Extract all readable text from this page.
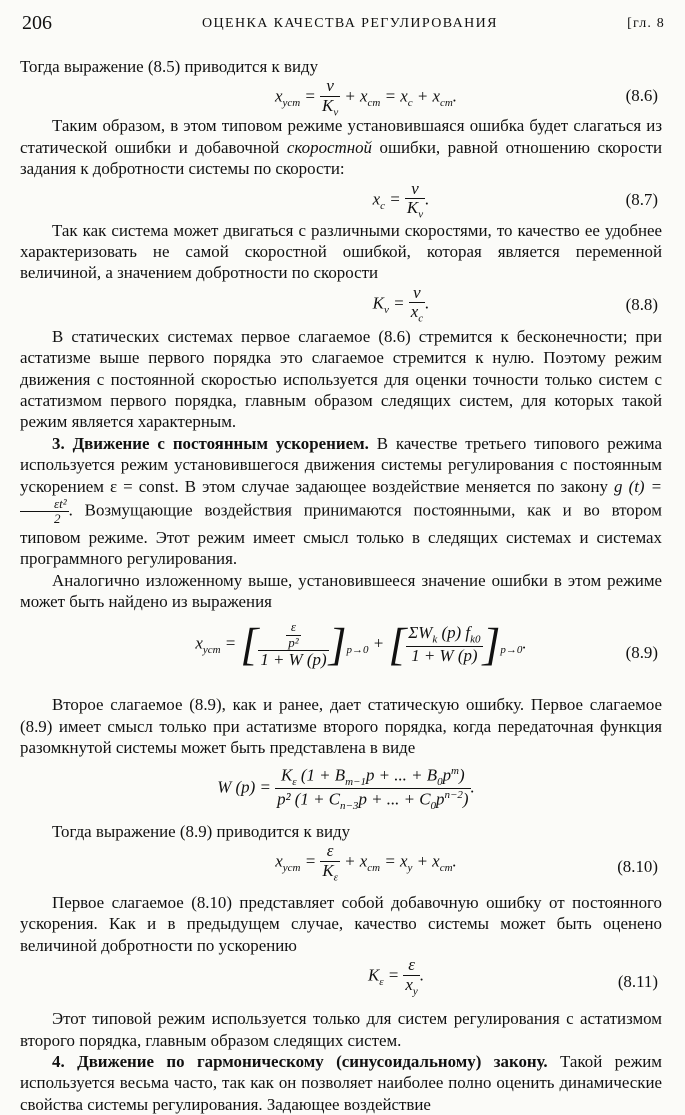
206	ОЦЕНКА КАЧЕСТВА РЕГУЛИРОВАНИЯ	[гл. 8

Тогда выражение (8.5) приводится к виду

$x_{уст} = \frac{v}{K_v} + x_{ст} = x_с + x_{ст}$.	(8.6)

Таким образом, в этом типовом режиме установившаяся ошибка будет слагаться из статической ошибки и добавочной скоростной ошибки, равной отношению скорости задания к добротности системы по скорости:

$x_с = \frac{v}{K_v}$ .	(8.7)

Так как система может двигаться с различными скоростями, то качество ее удобнее характеризовать не самой скоростной ошибкой, которая является переменной величиной, а значением добротности по скорости

$K_v = \frac{v}{x_с}$ .	(8.8)

В статических системах первое слагаемое (8.6) стремится к бесконечности; при астатизме выше первого порядка это слагаемое стремится к нулю. Поэтому режим движения с постоянной скоростью используется для оценки точности только систем с астатизмом первого порядка, главным образом следящих систем, для которых такой режим является характерным.

3. Движение с постоянным ускорением. В качестве третьего типового режима используется режим установившегося движения системы регулирования с постоянным ускорением ε = const. В этом случае задающее воздействие меняется по закону g (t) =
$\frac{\text{εt²}}{2}$ . Возмущающие воздействия принимаются постоянными, как и во втором типовом режиме. Этот режим имеет смысл только в следящих системах и системах программного регулирования.

Аналогично изложенному выше, установившееся значение ошибки в этом режиме может быть найдено из выражения

$x_{уст}$ = [ $\frac{\frac{\varepsilon}{\text{p²}}}{1 + W (p)} ]_{p\to 0}$ + [ $\frac{\Sigma W_k (p) f_{k0}}{1 + W (p)} ]_{p\to 0}$.
(8.9)

Второе слагаемое (8.9), как и ранее, дает статическую ошибку. Первое слагаемое (8.9) имеет смысл только при астатизме второго порядка, когда передаточная функция разомкнутой системы может быть представлена в виде

W $(p) = \frac{K_\varepsilon (1 + B_{m-1}p + ... + B_0p^m)}{p^2 (1 + C_{n-3}p + ... + C_0p^{n-2})}$ .

Тогда выражение (8.9) приводится к виду

$x_{уст} = \frac{\varepsilon}{K_\varepsilon} + x_{ст} = x_у + x_{ст}$.	(8.10)

Первое слагаемое (8.10) представляет собой добавочную ошибку от постоянного ускорения. Как и в предыдущем случае, качество системы может быть оценено величиной добротности по ускорению

$K_\varepsilon = \frac{\varepsilon}{x_у}$ .	(8.11)

Этот типовой режим используется только для систем регулирования с астатизмом второго порядка, главным образом следящих систем.

4. Движение по гармоническому (синусоидальному) закону. Такой режим используется весьма часто, так как он позволяет наиболее полно оценить динамические свойства системы регулирования. Задающее воздействие
